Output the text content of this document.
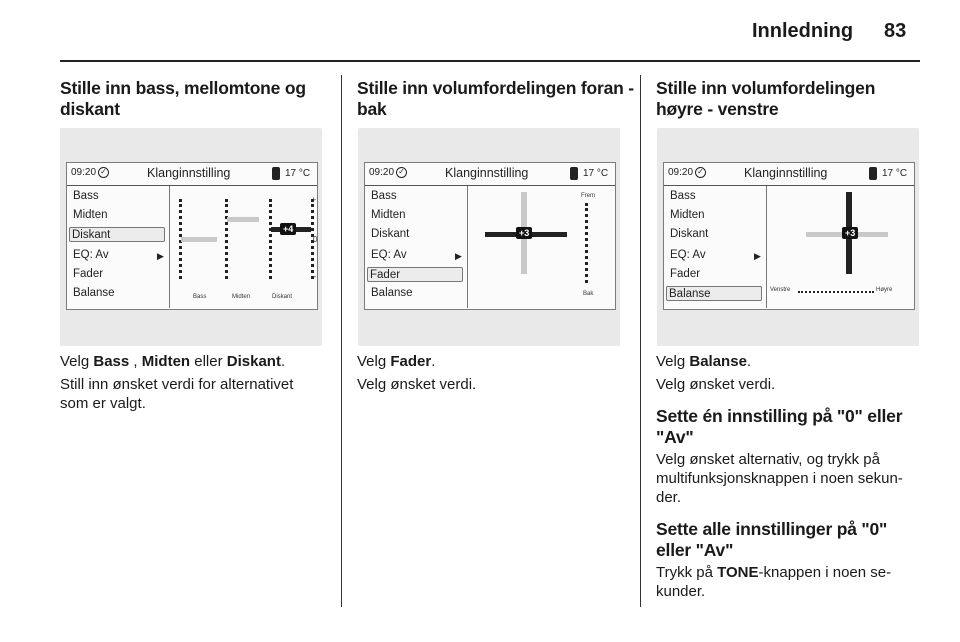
Innledning 83
Stille inn bass, mellomtone og diskant
09:20 ✓	Klanginnstilling	17 °C
Bass
Midten
Diskant
EQ: Av	▶
Fader
Balanse
+4
+
0
–
Bass	Midten	Diskant

Velg Bass , Midten eller Diskant.

Still inn ønsket verdi for alternativet som er valgt.

Stille inn volumfordelingen foran - bak
09:20 ✓	Klanginnstilling	17 °C
Bass
Midten
Diskant
EQ: Av	▶
Fader
Balanse
+3
Frem
Bak

Velg Fader.

Velg ønsket verdi.

Stille inn volumfordelingen høyre - venstre
09:20 ✓	Klanginnstilling	17 °C
Bass
Midten
Diskant
EQ: Av	▶
Fader
Balanse
+3
Venstre	Høyre

Velg Balanse.

Velg ønsket verdi.

Sette én innstilling på "0" eller "Av"

Velg ønsket alternativ, og trykk på multifunksjonsknappen i noen sekun- der.

Sette alle innstillinger på "0" eller "Av"

Trykk på TONE-knappen i noen se- kunder.
